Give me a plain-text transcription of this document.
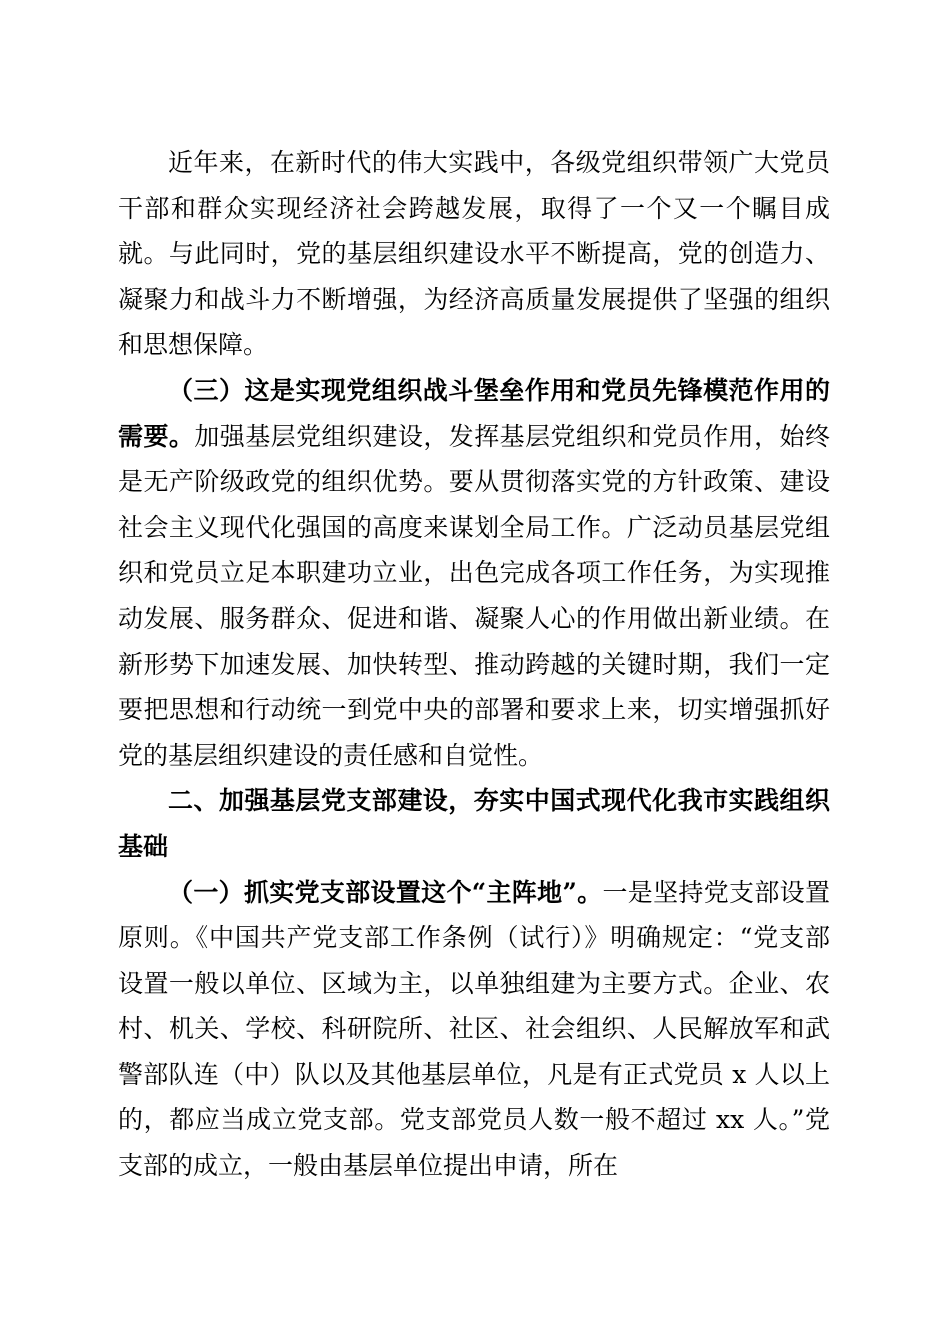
近年来，在新时代的伟大实践中，各级党组织带领广大党员干部和群众实现经济社会跨越发展，取得了一个又一个瞩目成就。与此同时，党的基层组织建设水平不断提高，党的创造力、凝聚力和战斗力不断增强，为经济高质量发展提供了坚强的组织和思想保障。

（三）这是实现党组织战斗堡垒作用和党员先锋模范作用的需要。加强基层党组织建设，发挥基层党组织和党员作用，始终是无产阶级政党的组织优势。要从贯彻落实党的方针政策、建设社会主义现代化强国的高度来谋划全局工作。广泛动员基层党组织和党员立足本职建功立业，出色完成各项工作任务，为实现推动发展、服务群众、促进和谐、凝聚人心的作用做出新业绩。在新形势下加速发展、加快转型、推动跨越的关键时期，我们一定要把思想和行动统一到党中央的部署和要求上来，切实增强抓好党的基层组织建设的责任感和自觉性。

二、加强基层党支部建设，夯实中国式现代化我市实践组织基础

（一）抓实党支部设置这个“主阵地”。一是坚持党支部设置原则。《中国共产党支部工作条例（试行）》明确规定：“党支部设置一般以单位、区域为主，以单独组建为主要方式。企业、农村、机关、学校、科研院所、社区、社会组织、人民解放军和武警部队连（中）队以及其他基层单位，凡是有正式党员 x 人以上的，都应当成立党支部。党支部党员人数一般不超过 xx 人。”党支部的成立，一般由基层单位提出申请，所在
